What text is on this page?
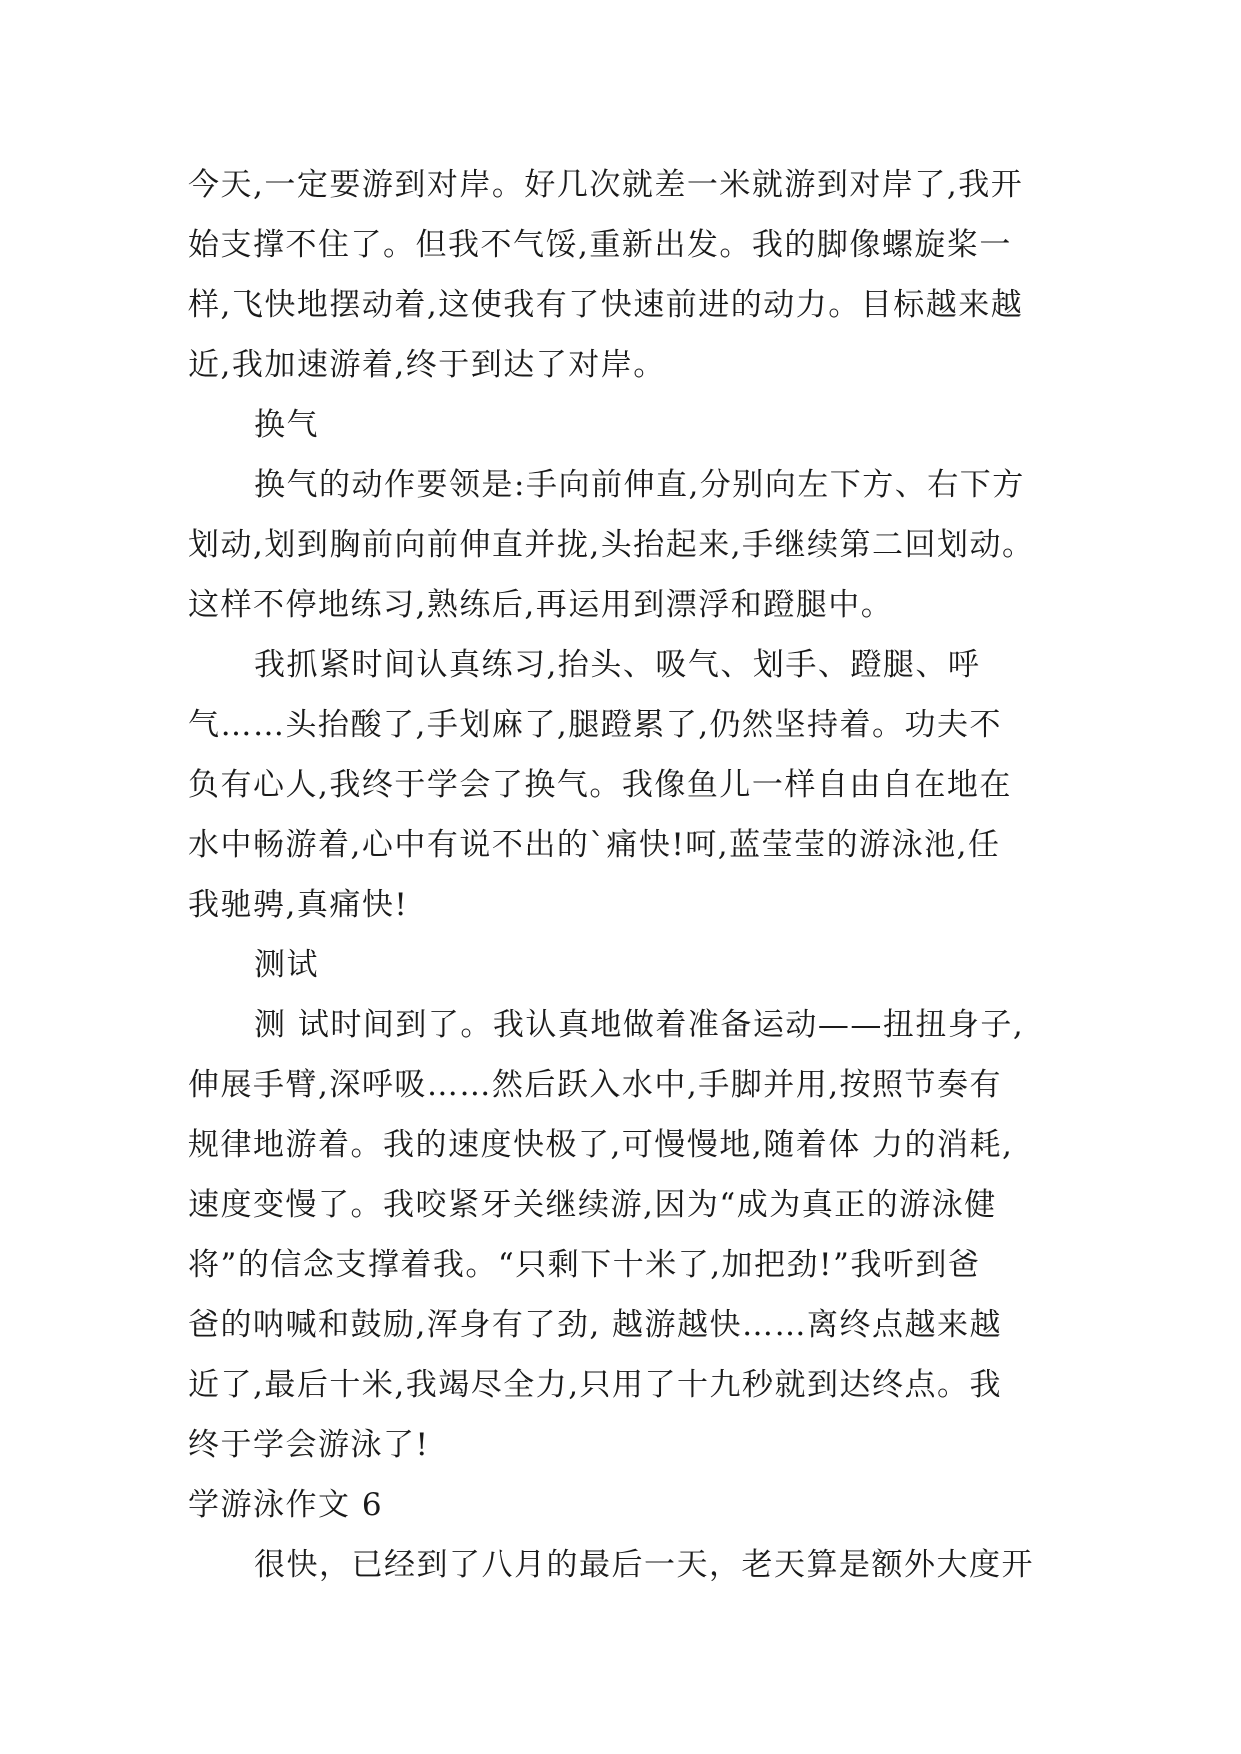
今天,一定要游到对岸。好几次就差一米就游到对岸了,我开
始支撑不住了。但我不气馁,重新出发。我的脚像螺旋桨一
样,飞快地摆动着,这使我有了快速前进的动力。目标越来越
近,我加速游着,终于到达了对岸。
换气
换气的动作要领是:手向前伸直,分别向左下方、右下方
划动,划到胸前向前伸直并拢,头抬起来,手继续第二回划动。
这样不停地练习,熟练后,再运用到漂浮和蹬腿中。
我抓紧时间认真练习,抬头、吸气、划手、蹬腿、呼
气……头抬酸了,手划麻了,腿蹬累了,仍然坚持着。功夫不
负有心人,我终于学会了换气。我像鱼儿一样自由自在地在
水中畅游着,心中有说不出的`痛快!呵,蓝莹莹的游泳池,任
我驰骋,真痛快!
测试
测 试时间到了。我认真地做着准备运动——扭扭身子,
伸展手臂,深呼吸……然后跃入水中,手脚并用,按照节奏有
规律地游着。我的速度快极了,可慢慢地,随着体 力的消耗,
速度变慢了。我咬紧牙关继续游,因为“成为真正的游泳健
将”的信念支撑着我。“只剩下十米了,加把劲!”我听到爸
爸的呐喊和鼓励,浑身有了劲, 越游越快……离终点越来越
近了,最后十米,我竭尽全力,只用了十九秒就到达终点。我
终于学会游泳了!
学游泳作文 6
很快，已经到了八月的最后一天，老天算是额外大度开
